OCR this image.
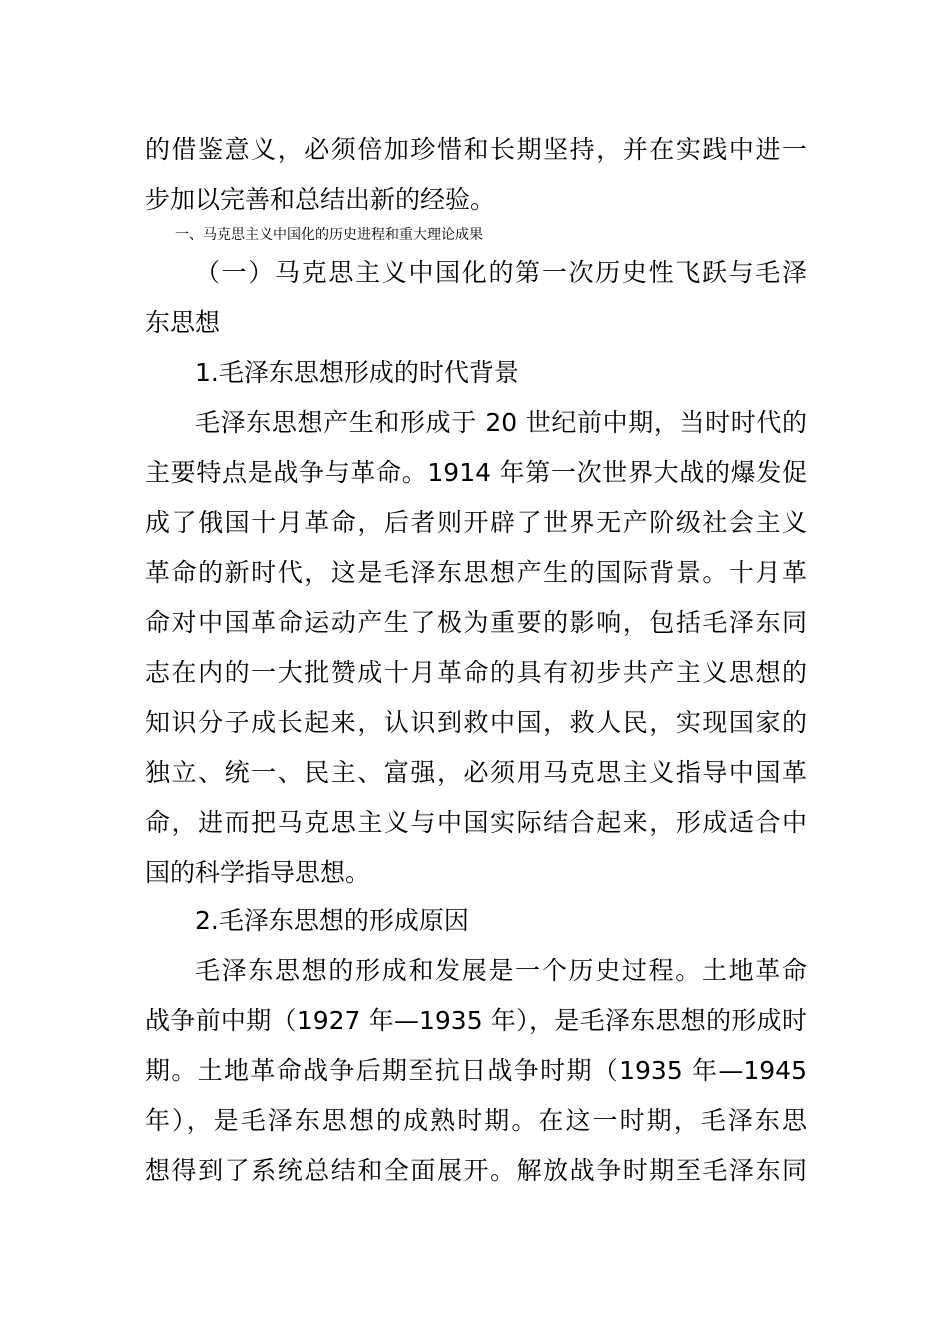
的借鉴意义，必须倍加珍惜和长期坚持，并在实践中进一
步加以完善和总结出新的经验。
一、马克思主义中国化的历史进程和重大理论成果
（一）马克思主义中国化的第一次历史性飞跃与毛泽
东思想
1.毛泽东思想形成的时代背景
毛泽东思想产生和形成于 20 世纪前中期，当时时代的
主要特点是战争与革命。1914 年第一次世界大战的爆发促
成了俄国十月革命，后者则开辟了世界无产阶级社会主义
革命的新时代，这是毛泽东思想产生的国际背景。十月革
命对中国革命运动产生了极为重要的影响，包括毛泽东同
志在内的一大批赞成十月革命的具有初步共产主义思想的
知识分子成长起来，认识到救中国，救人民，实现国家的
独立、统一、民主、富强，必须用马克思主义指导中国革
命，进而把马克思主义与中国实际结合起来，形成适合中
国的科学指导思想。
2.毛泽东思想的形成原因
毛泽东思想的形成和发展是一个历史过程。土地革命
战争前中期（1927 年—1935 年），是毛泽东思想的形成时
期。土地革命战争后期至抗日战争时期（1935 年—1945
年），是毛泽东思想的成熟时期。在这一时期，毛泽东思
想得到了系统总结和全面展开。解放战争时期至毛泽东同
